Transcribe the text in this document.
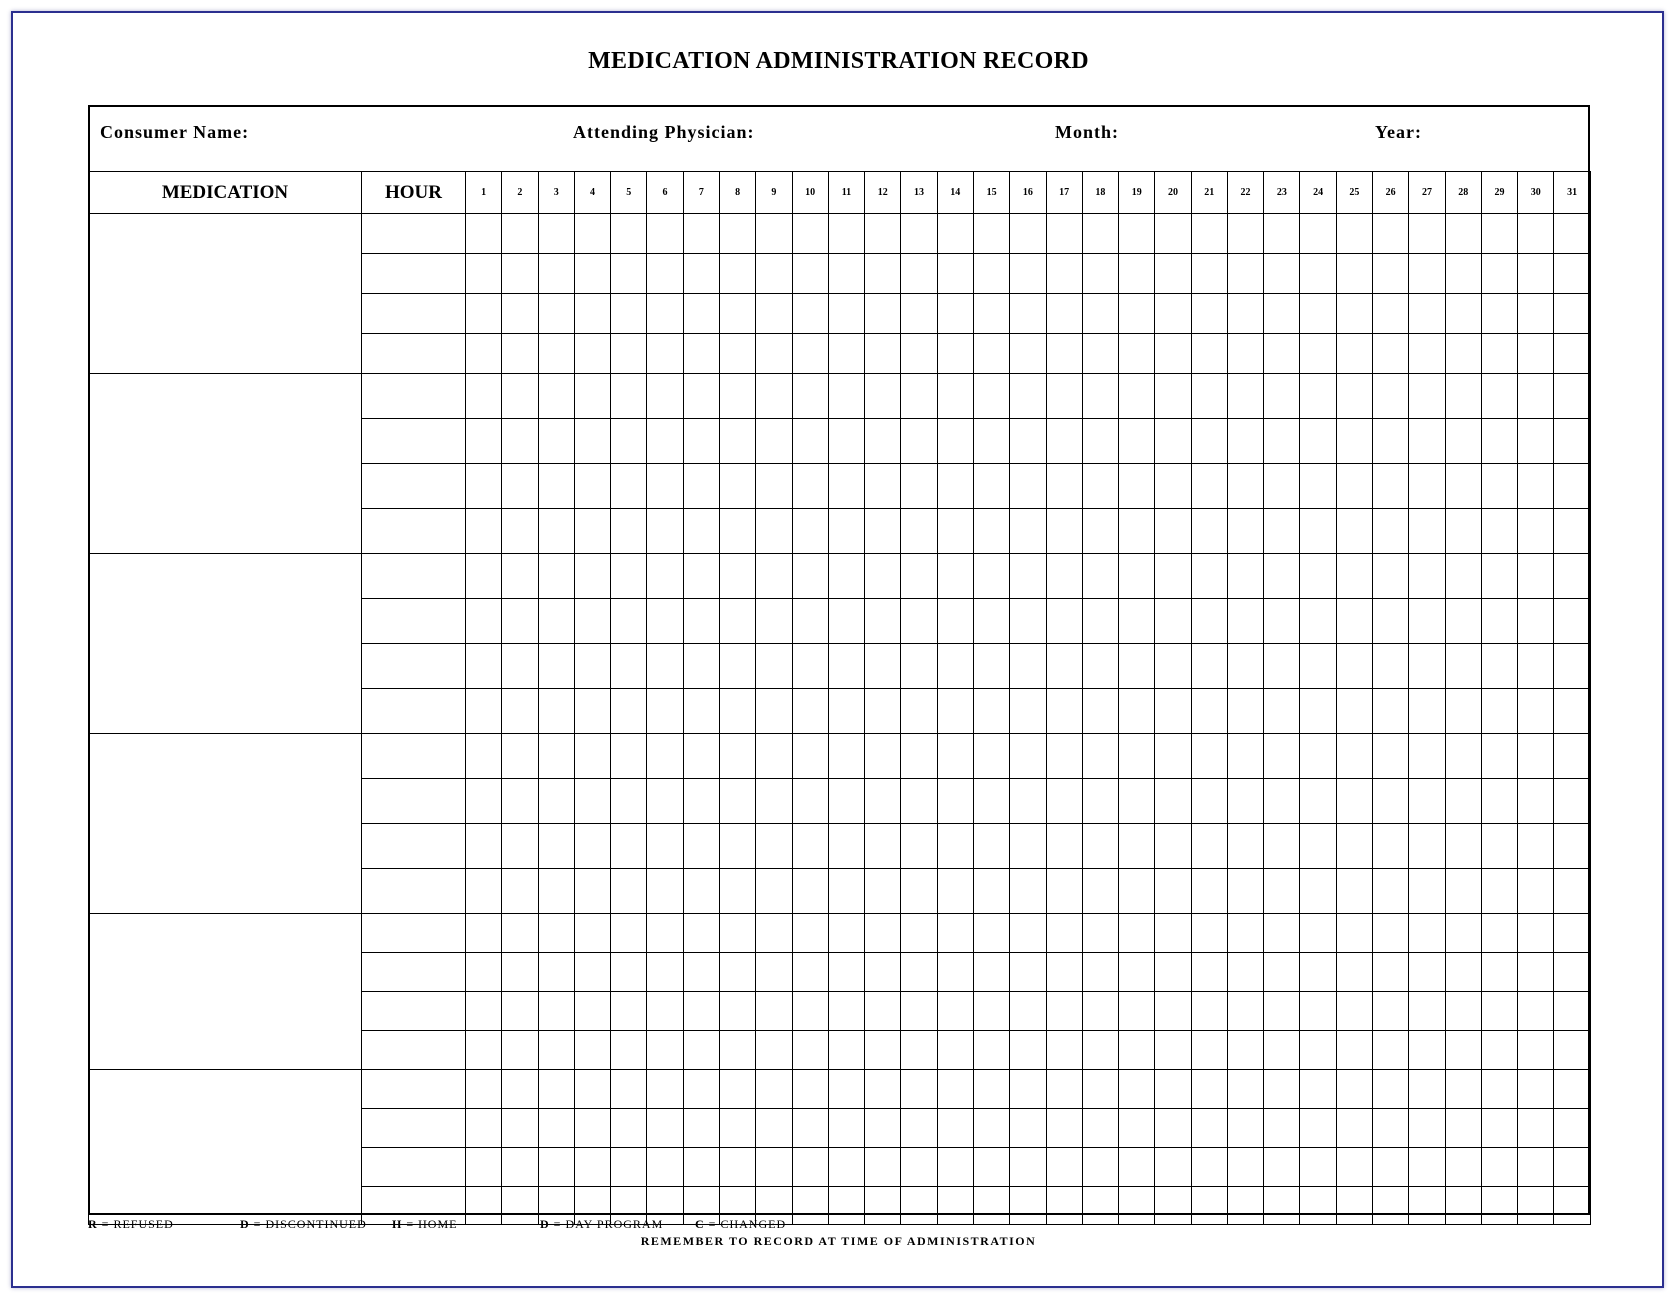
MEDICATION ADMINISTRATION RECORD
Consumer Name:	Attending Physician:	Month:	Year:
MEDICATION	HOUR	1	2	3	4	5	6	7	8	9	10	11	12	13	14	15	16	17	18	19	20	21	22	23	24	25	26	27	28	29	30	31

R = REFUSED	D = DISCONTINUED H = HOME	D = DAY PROGRAM	C = CHANGED
REMEMBER TO RECORD AT TIME OF ADMINISTRATION
